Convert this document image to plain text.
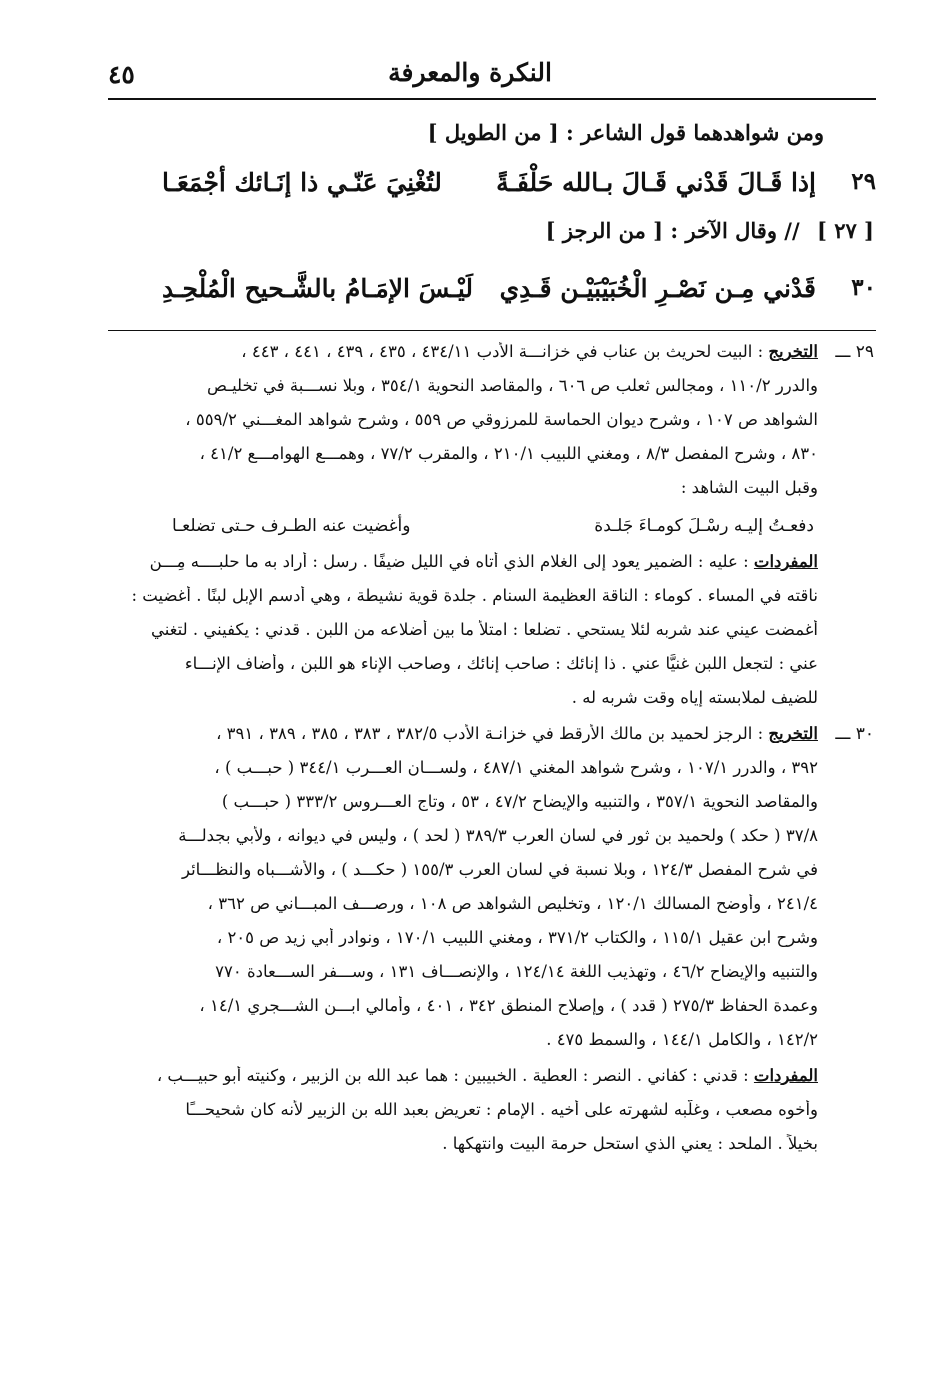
النكرة والمعرفة
٤٥
ومن شواهدهما قول الشاعر : [ من الطويل ]
٢٩
إذا قَـالَ قَدْني قَـالَ بـالله حَلْفَـةً
لتُغْنِيَ عَنّـي ذا إنَـائك أجْمَعَـا
[ ٢٧ ] // وقال الآخر : [ من الرجز ]
٣٠
قَدْني مِـن نَصْـرِ الْخُبَيْبَيْـن قَـدِي
لَيْـسَ الإمَـامُ بالشَّـحيح الْمُلْحِـدِ
٢٩ ـــ
التخريج : البيت لحريث بن عناب في خزانـــة الأدب ٤٣٤/١١ ، ٤٣٥ ، ٤٣٩ ، ٤٤١ ، ٤٤٣ ،
والدرر ١١٠/٢ ، ومجالس ثعلب ص ٦٠٦ ، والمقاصد النحوية ٣٥٤/١ ، وبلا نســـبة في تخليـص
الشواهد ص ١٠٧ ، وشرح ديوان الحماسة للمرزوقي ص ٥٥٩ ، وشرح شواهد المغـــني ٥٥٩/٢ ،
٨٣٠ ، وشرح المفصل ٨/٣ ، ومغني اللبيب ٢١٠/١ ، والمقرب ٧٧/٢ ، وهمـــع الهوامـــع ٤١/٢ ،
وقبل البيت الشاهد :
دفعـتُ إليـه رسْـلَ كومـاءَ جَلـدة
وأغضيت عنه الطـرف حـتى تضلعـا
المفردات : عليه : الضمير يعود إلى الغلام الذي أتاه في الليل ضيفًا . رسل : أراد به ما حلبــــه مِـــن
ناقته في المساء . كوماء : الناقة العظيمة السنام . جلدة قوية نشيطة ، وهي أدسم الإبل لبنًا . أغضيت :
أغمضت عيني عند شربه لئلا يستحي . تضلعا : امتلأ ما بين أضلاعه من اللبن . قدني : يكفيني . لتغني
عني : لتجعل اللبن غنيًّا عني . ذا إنائك : صاحب إنائك ، وصاحب الإناء هو اللبن ، وأضاف الإنـــاء
للضيف لملابسته إياه وقت شربه له .
٣٠ ـــ
التخريج : الرجز لحميد بن مالك الأرقط في خزانـة الأدب ٣٨٢/٥ ، ٣٨٣ ، ٣٨٥ ، ٣٨٩ ، ٣٩١ ،
٣٩٢ ، والدرر ١٠٧/١ ، وشرح شواهد المغني ٤٨٧/١ ، ولســـان العـــرب ٣٤٤/١ ( حبـــب ) ،
والمقاصد النحوية ٣٥٧/١ ، والتنبيه والإيضاح ٤٧/٢ ، ٥٣ ، وتاج العـــروس ٣٣٣/٢ ( حبـــب )
٣٧/٨ ( حكد ) ولحميد بن ثور في لسان العرب ٣٨٩/٣ ( لحد ) ، وليس في ديوانه ، ولأبي بجدلـــة
في شرح المفصل ١٢٤/٣ ، وبلا نسبة في لسان العرب ١٥٥/٣ ( حكـــد ) ، والأشـــباه والنظـــائر
٢٤١/٤ ، وأوضح المسالك ١٢٠/١ ، وتخليص الشواهد ص ١٠٨ ، ورصـــف المبـــاني ص ٣٦٢ ،
وشرح ابن عقيل ١١٥/١ ، والكتاب ٣٧١/٢ ، ومغني اللبيب ١٧٠/١ ، ونوادر أبي زيد ص ٢٠٥ ،
والتنبيه والإيضاح ٤٦/٢ ، وتهذيب اللغة ١٢٤/١٤ ، والإنصـــاف ١٣١ ، وســـفر الســـعادة ٧٧٠
وعمدة الحفاظ ٢٧٥/٣ ( قدد ) ، وإصلاح المنطق ٣٤٢ ، ٤٠١ ، وأمالي ابـــن الشـــجري ١٤/١ ،
١٤٢/٢ ، والكامل ١٤٤/١ ، والسمط ٤٧٥ .
المفردات : قدني : كفاني . النصر : العطية . الخبيبين : هما عبد الله بن الزبير ، وكنيته أبو حبيـــب ،
وأخوه مصعب ، وغلّبه لشهرته على أخيه . الإمام : تعريض بعبد الله بن الزبير لأنه كان شحيحـــًا
بخيلاً . الملحد : يعني الذي استحل حرمة البيت وانتهكها .
